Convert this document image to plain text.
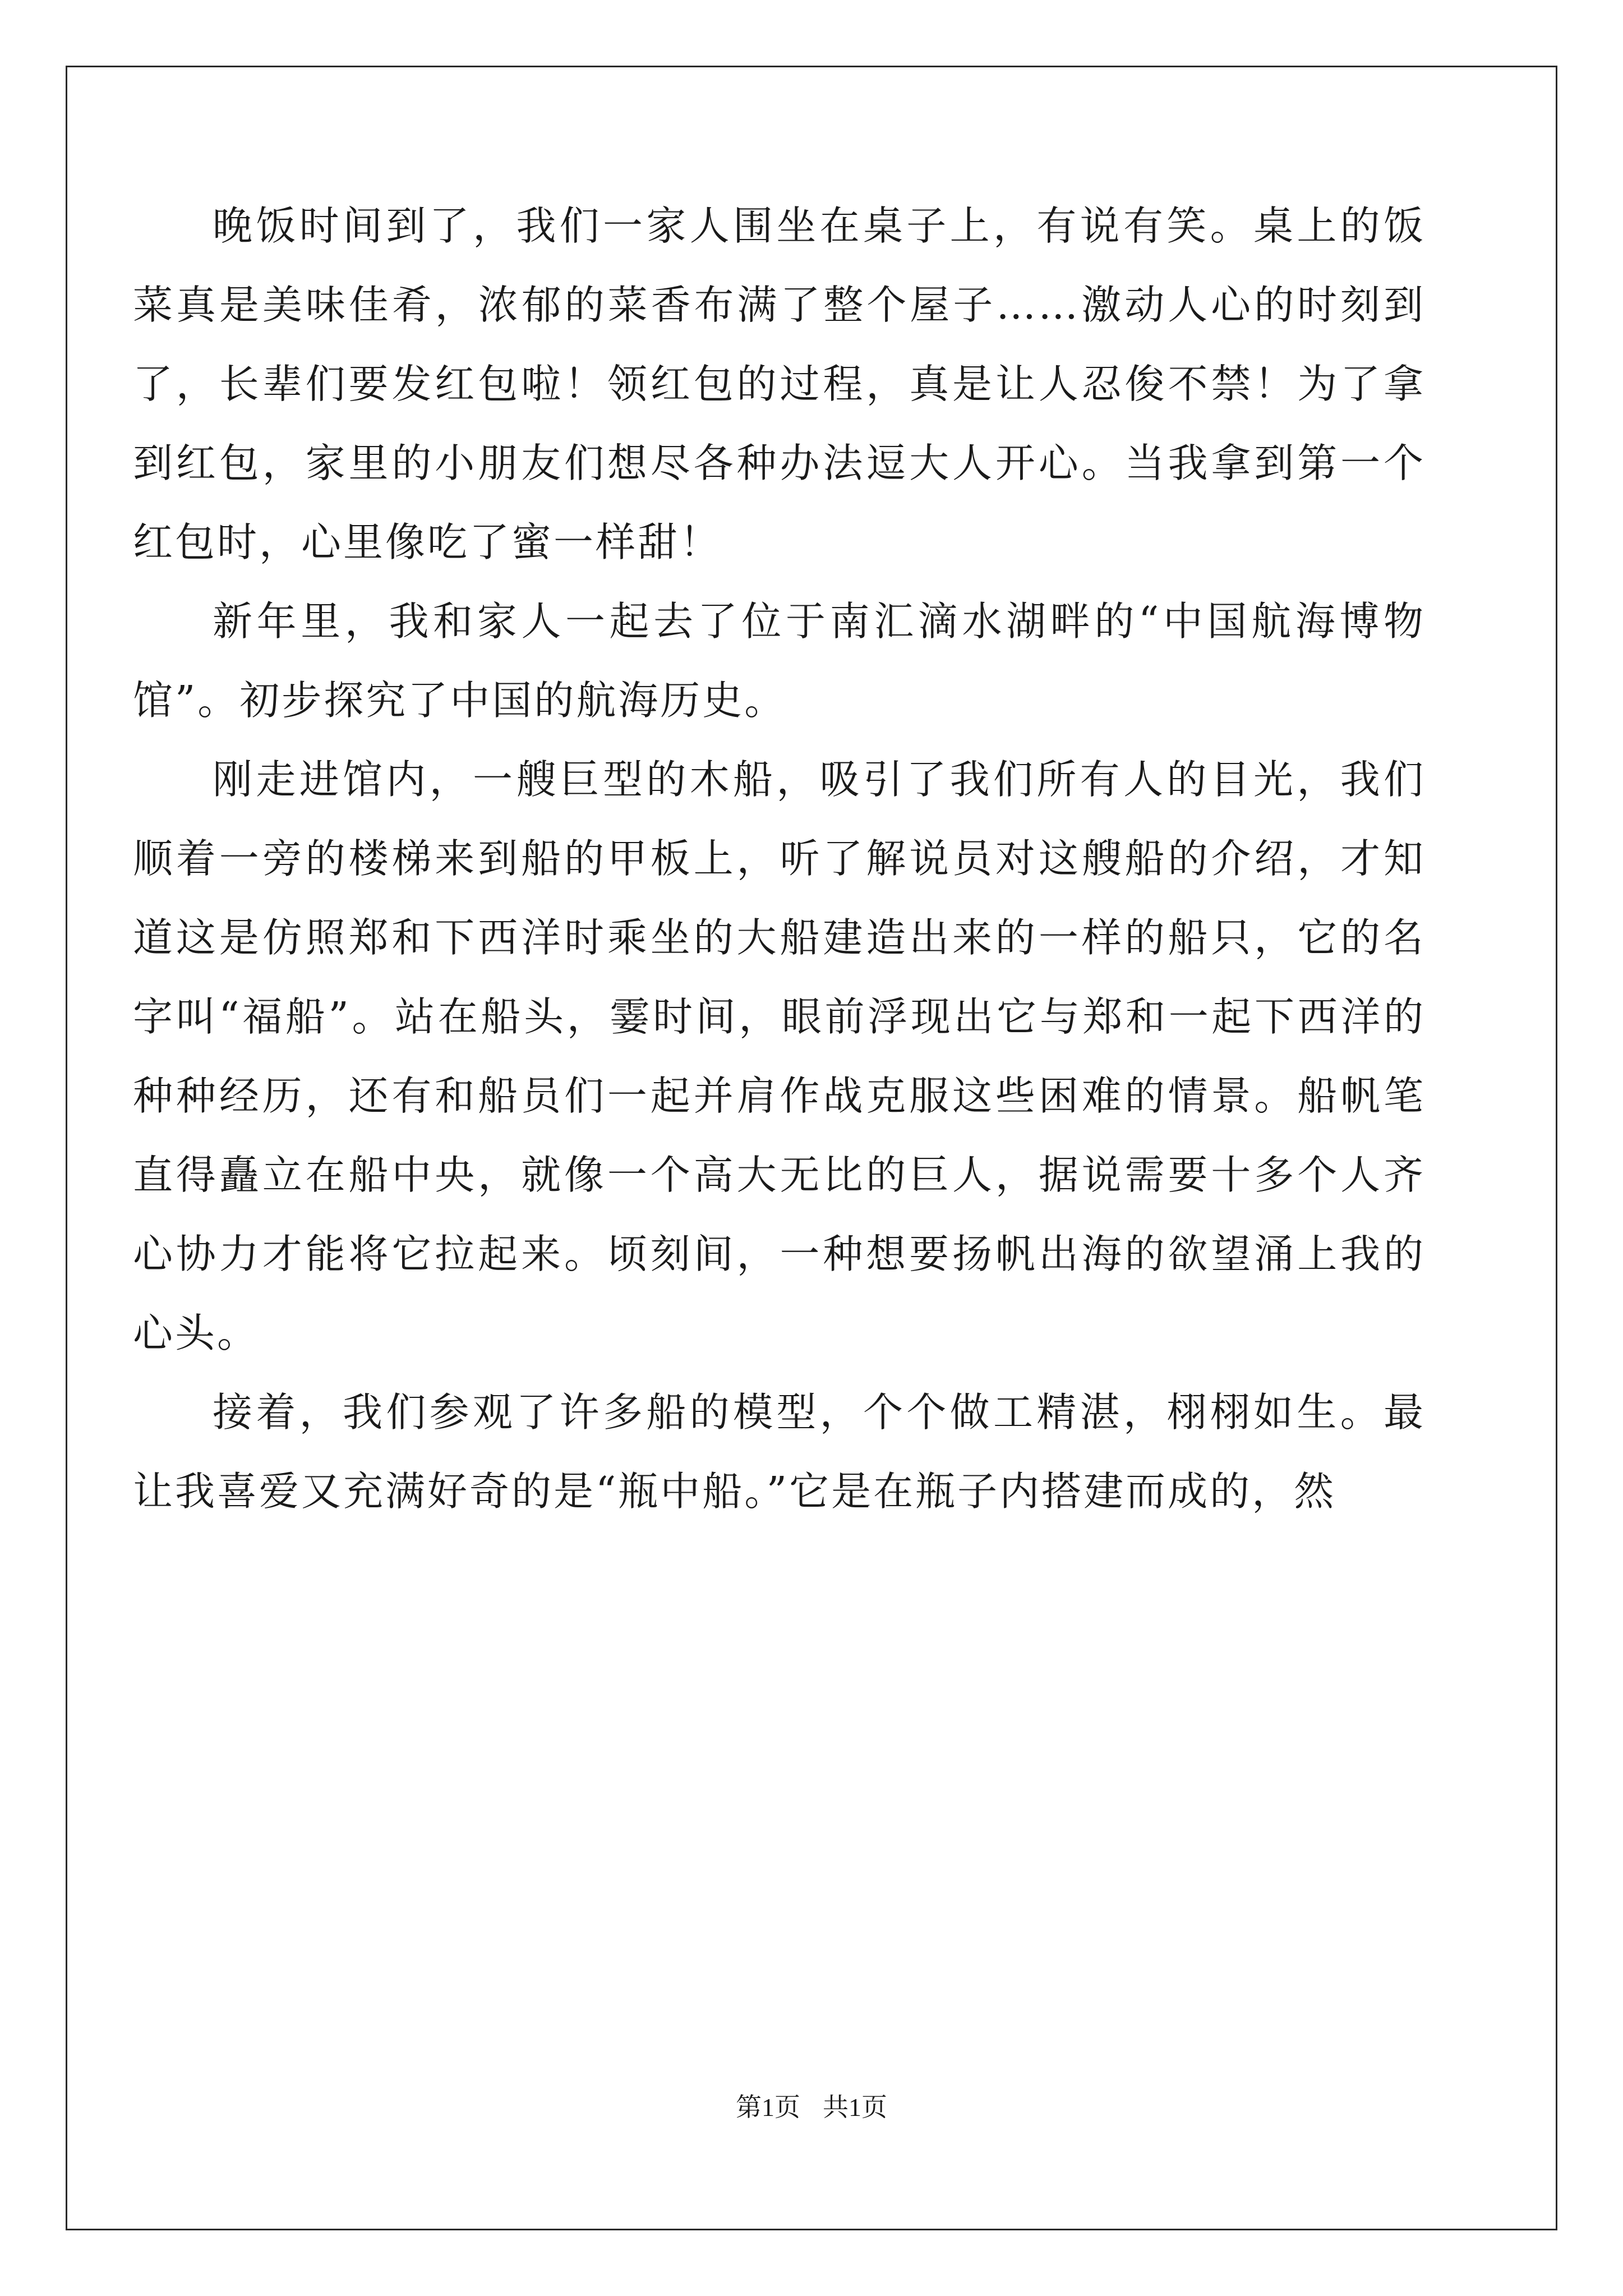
晚饭时间到了，我们一家人围坐在桌子上，有说有笑。桌上的饭菜真是美味佳肴，浓郁的菜香布满了整个屋子……激动人心的时刻到了，长辈们要发红包啦！领红包的过程，真是让人忍俊不禁！为了拿到红包，家里的小朋友们想尽各种办法逗大人开心。当我拿到第一个红包时，心里像吃了蜜一样甜！

新年里，我和家人一起去了位于南汇滴水湖畔的“中国航海博物馆”。初步探究了中国的航海历史。

刚走进馆内，一艘巨型的木船，吸引了我们所有人的目光，我们顺着一旁的楼梯来到船的甲板上，听了解说员对这艘船的介绍，才知道这是仿照郑和下西洋时乘坐的大船建造出来的一样的船只，它的名字叫“福船”。站在船头，霎时间，眼前浮现出它与郑和一起下西洋的种种经历，还有和船员们一起并肩作战克服这些困难的情景。船帆笔直得矗立在船中央，就像一个高大无比的巨人，据说需要十多个人齐心协力才能将它拉起来。顷刻间，一种想要扬帆出海的欲望涌上我的心头。

接着，我们参观了许多船的模型，个个做工精湛，栩栩如生。最让我喜爱又充满好奇的是“瓶中船。”它是在瓶子内搭建而成的，然

第1页 共1页
